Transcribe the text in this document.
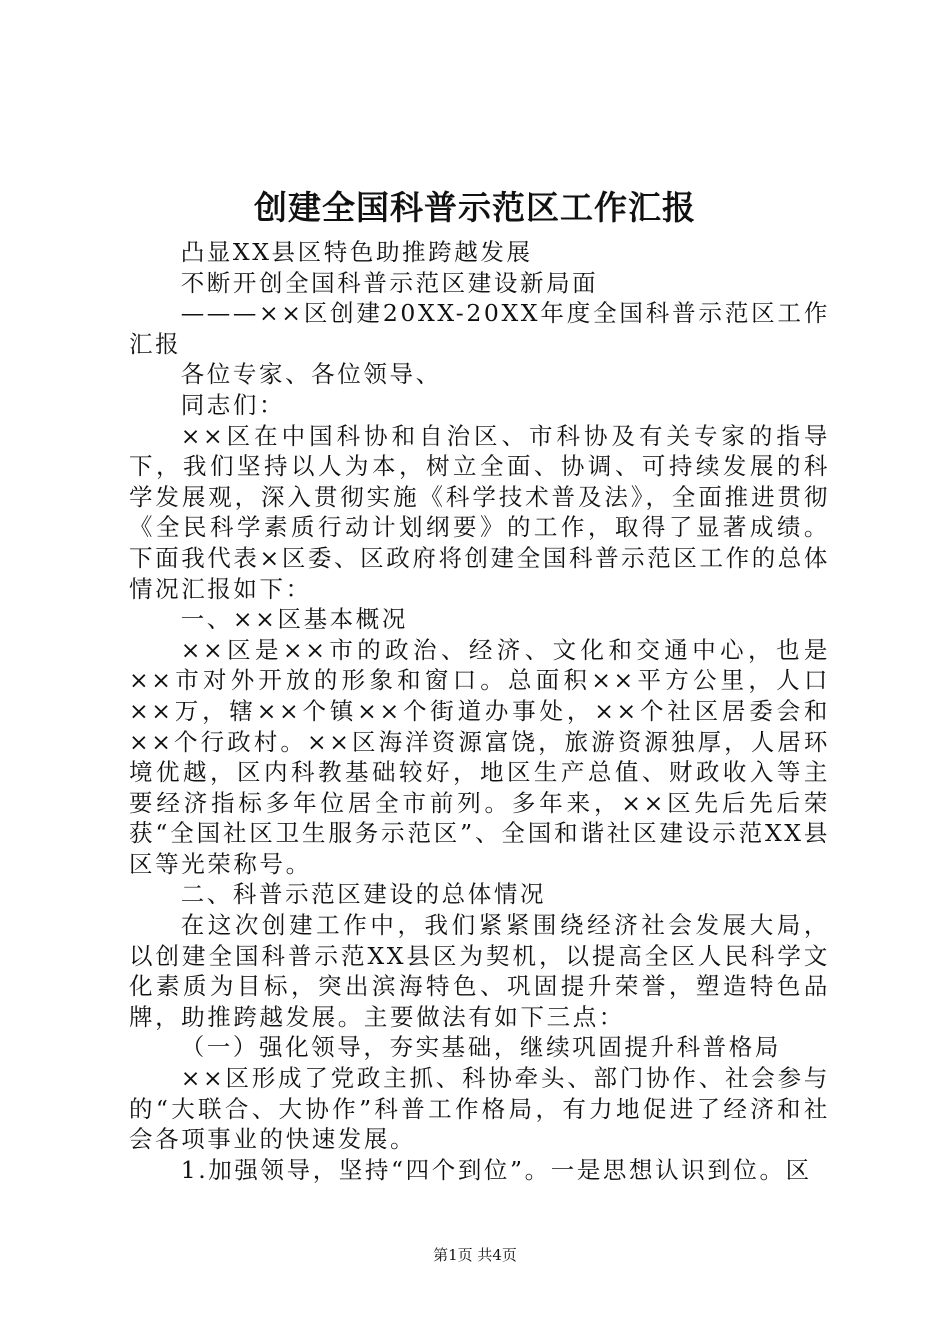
创建全国科普示范区工作汇报

凸显XX县区特色助推跨越发展

不断开创全国科普示范区建设新局面

———××区创建20XX-20XX年度全国科普示范区工作汇报

各位专家、各位领导、

同志们：

××区在中国科协和自治区、市科协及有关专家的指导下，我们坚持以人为本，树立全面、协调、可持续发展的科学发展观，深入贯彻实施《科学技术普及法》，全面推进贯彻《全民科学素质行动计划纲要》的工作，取得了显著成绩。下面我代表×区委、区政府将创建全国科普示范区工作的总体情况汇报如下：

一、××区基本概况

××区是××市的政治、经济、文化和交通中心，也是××市对外开放的形象和窗口。总面积××平方公里，人口××万，辖××个镇××个街道办事处，××个社区居委会和××个行政村。××区海洋资源富饶，旅游资源独厚，人居环境优越，区内科教基础较好，地区生产总值、财政收入等主要经济指标多年位居全市前列。多年来，××区先后先后荣获“全国社区卫生服务示范区”、全国和谐社区建设示范XX县区等光荣称号。

二、科普示范区建设的总体情况

在这次创建工作中，我们紧紧围绕经济社会发展大局，以创建全国科普示范XX县区为契机，以提高全区人民科学文化素质为目标，突出滨海特色、巩固提升荣誉，塑造特色品牌，助推跨越发展。主要做法有如下三点：

（一）强化领导，夯实基础，继续巩固提升科普格局

××区形成了党政主抓、科协牵头、部门协作、社会参与的“大联合、大协作”科普工作格局，有力地促进了经济和社会各项事业的快速发展。

1.加强领导，坚持“四个到位”。一是思想认识到位。区

第1页 共4页
